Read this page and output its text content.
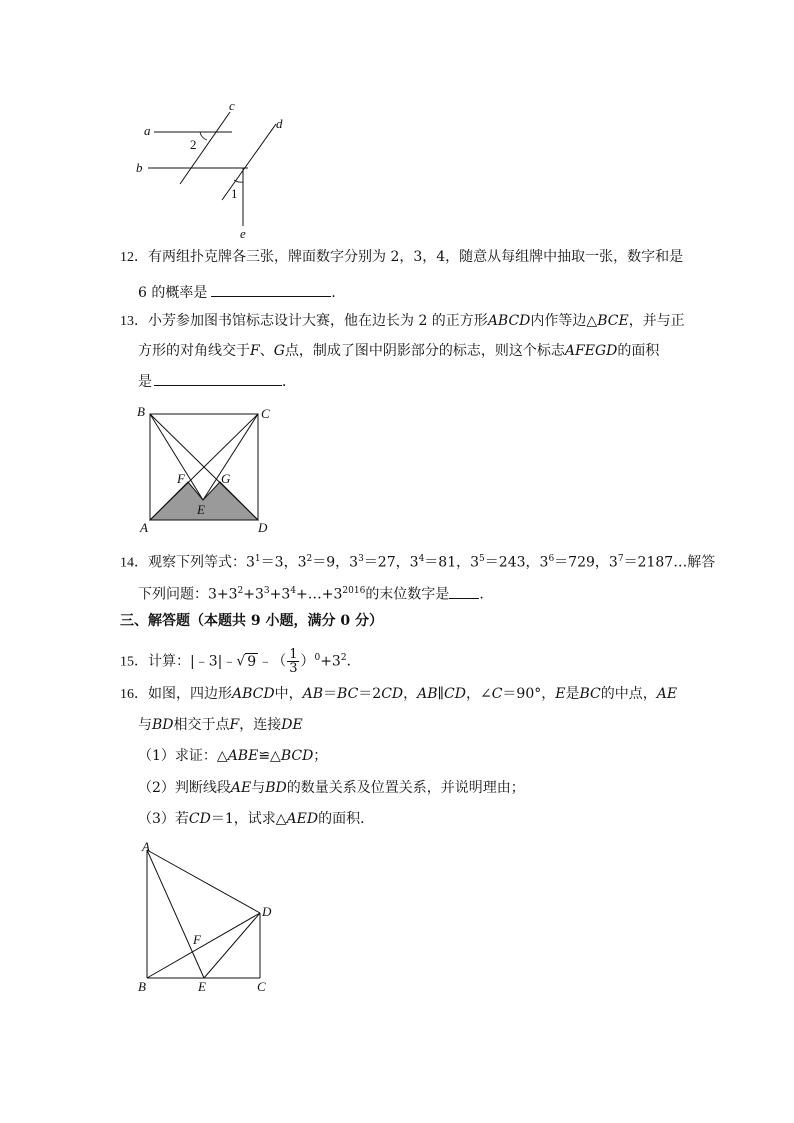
a
b
c
d
e
1
2
12．有两组扑克牌各三张，牌面数字分别为 2，3，4，随意从每组牌中抽取一张，数字和是
6 的概率是	．
13．小芳参加图书馆标志设计大赛，他在边长为 2 的正方形ABCD内作等边△BCE，并与正
方形的对角线交于F、G点，制成了图中阴影部分的标志，则这个标志AFEGD的面积
是	．
B	C
F	G
E
A	D
14．观察下列等式：$3^1=3$，$3^2=9$，$3^3=27$，$3^4=81$，$3^5=243$，$3^6=729$，$3^7=2187\dots$解答
下列问题：$3+3^2+3^3+3^4+\dots+3^{2016}$的末位数字是 ．
三、解答题（本题共 9 小题，满分 0 分）
15．计算：|﹣3|﹣√ 9 ﹣（ $\frac{1}{3} )^0+3^2$．
16．如图，四边形ABCD中，AB＝BC＝2CD，AB∥CD，∠C＝90°，E是BC的中点，AE
与BD相交于点F，连接DE
（1）求证：△ABE≌△BCD；
（2）判断线段AE与BD的数量关系及位置关系，并说明理由；
（3）若CD＝1，试求△AED的面积．
A
D
F
B	E	C
